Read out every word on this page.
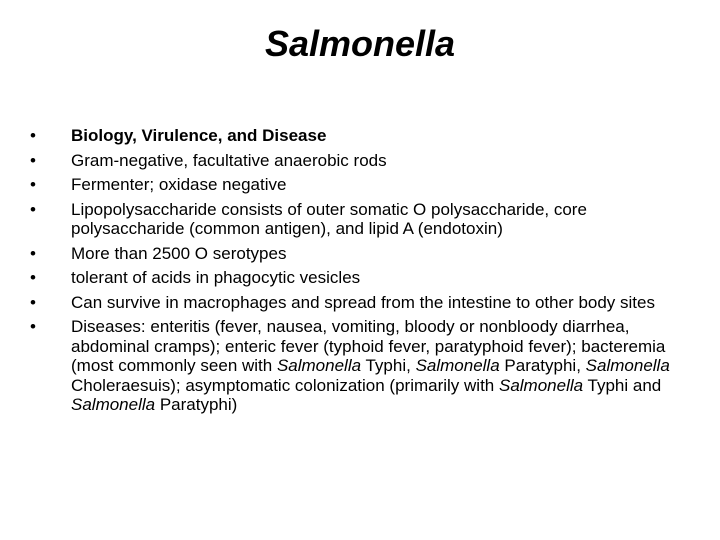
Salmonella
•	Biology, Virulence, and Disease
•	Gram-negative, facultative anaerobic rods
•	Fermenter; oxidase negative
•	Lipopolysaccharide consists of outer somatic O polysaccharide, core polysaccharide (common antigen), and lipid A (endotoxin)
•	More than 2500 O serotypes
•	tolerant of acids in phagocytic vesicles
•	Can survive in macrophages and spread from the intestine to other body sites
•	Diseases: enteritis (fever, nausea, vomiting, bloody or nonbloody diarrhea, abdominal cramps); enteric fever (typhoid fever, paratyphoid fever); bacteremia (most commonly seen with Salmonella Typhi, Salmonella Paratyphi, Salmonella Choleraesuis); asymptomatic colonization (primarily with Salmonella Typhi and Salmonella Paratyphi)
